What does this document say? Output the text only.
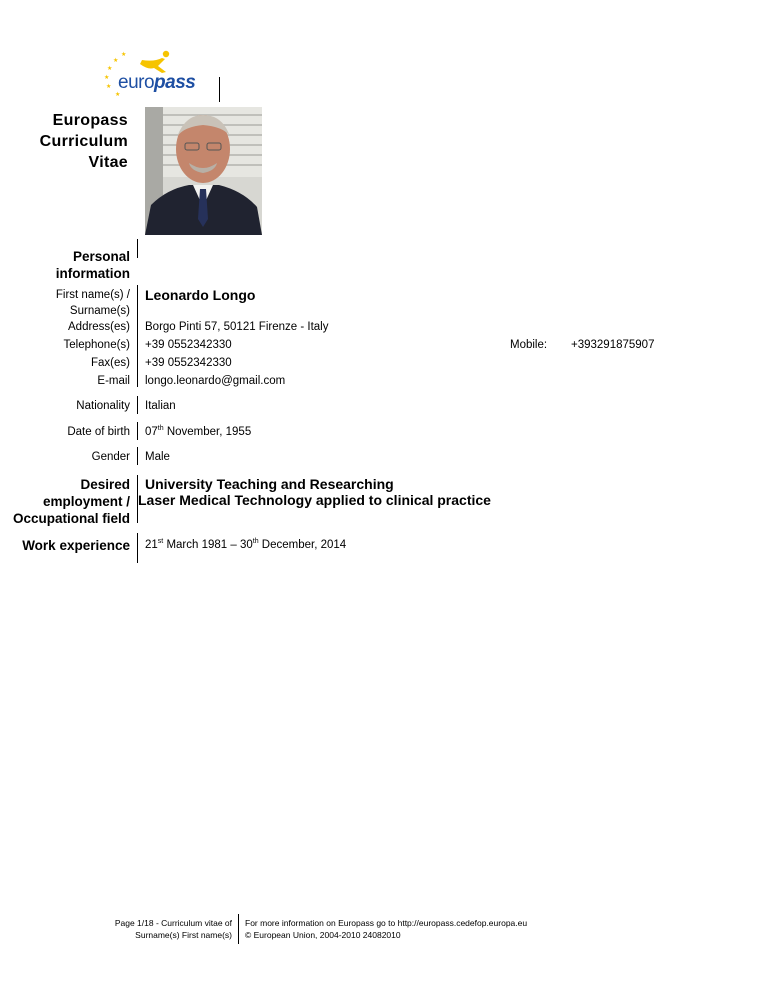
★
★
★
★
★
★
europass
Europass
Curriculum
Vitae
Personal
information
First name(s) /
Surname(s)
Leonardo Longo
Address(es) Borgo Pinti 57, 50121 Firenze - Italy
Telephone(s) +39 0552342330	Mobile: +393291875907
Fax(es) +39 0552342330
E-mail longo.leonardo@gmail.com
Nationality Italian
Date of birth 07th November, 1955
Gender Male
Desired
employment /
Occupational field
University Teaching and Researching
Laser Medical Technology applied to clinical practice
Work experience 21st March 1981 – 30th December, 2014
Page 1/18 - Curriculum vitae of
Surname(s) First name(s)
For more information on Europass go to http://europass.cedefop.europa.eu
© European Union, 2004-2010 24082010
